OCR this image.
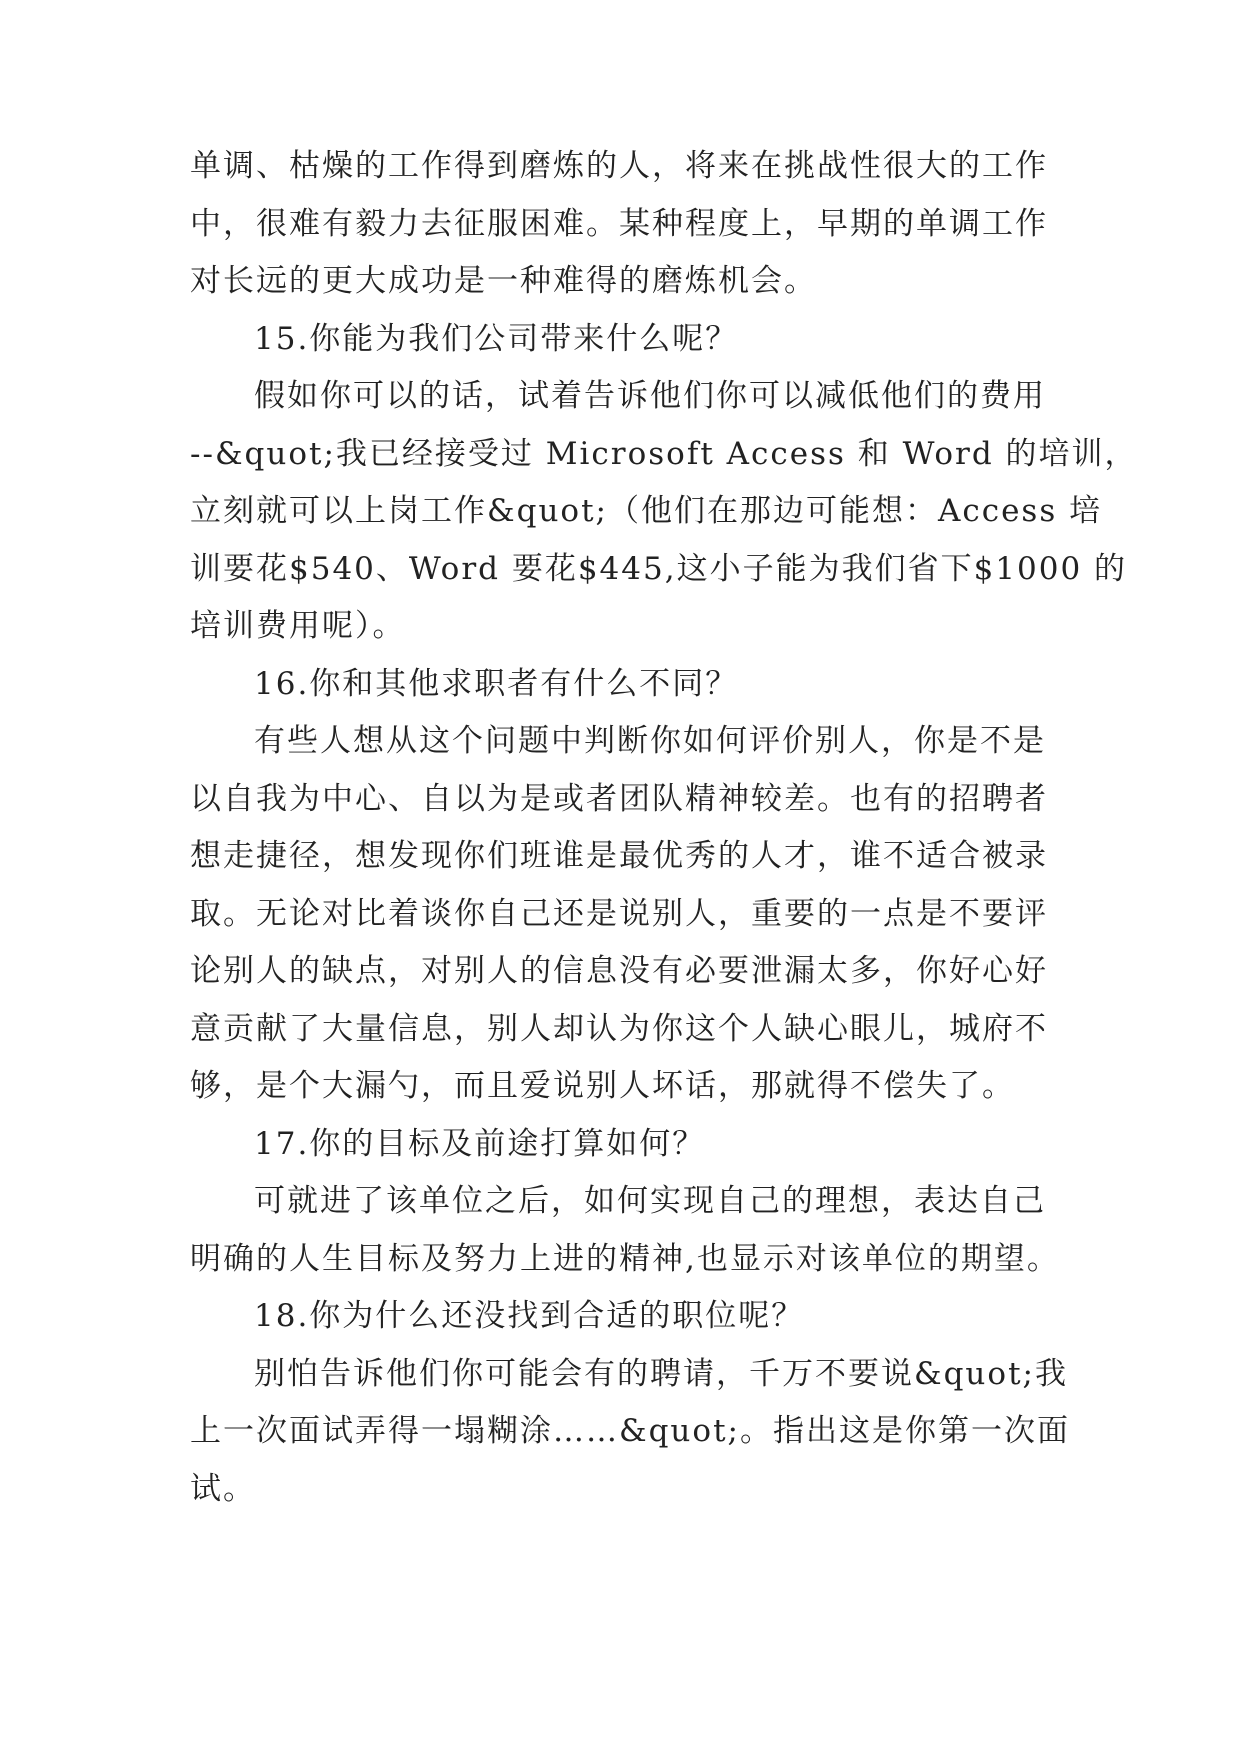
单调、枯燥的工作得到磨炼的人，将来在挑战性很大的工作

中，很难有毅力去征服困难。某种程度上，早期的单调工作

对长远的更大成功是一种难得的磨炼机会。

15.你能为我们公司带来什么呢？

假如你可以的话，试着告诉他们你可以减低他们的费用

--&quot;我已经接受过 Microsoft Access 和 Word 的培训，

立刻就可以上岗工作&quot;（他们在那边可能想：Access 培

训要花$540、Word 要花$445,这小子能为我们省下$1000 的

培训费用呢）。

16.你和其他求职者有什么不同？

有些人想从这个问题中判断你如何评价别人，你是不是

以自我为中心、自以为是或者团队精神较差。也有的招聘者

想走捷径，想发现你们班谁是最优秀的人才，谁不适合被录

取。无论对比着谈你自己还是说别人，重要的一点是不要评

论别人的缺点，对别人的信息没有必要泄漏太多，你好心好

意贡献了大量信息，别人却认为你这个人缺心眼儿，城府不

够，是个大漏勺，而且爱说别人坏话，那就得不偿失了。

17.你的目标及前途打算如何？

可就进了该单位之后，如何实现自己的理想，表达自己

明确的人生目标及努力上进的精神,也显示对该单位的期望。

18.你为什么还没找到合适的职位呢？

别怕告诉他们你可能会有的聘请，千万不要说&quot;我

上一次面试弄得一塌糊涂……&quot;。指出这是你第一次面

试。
